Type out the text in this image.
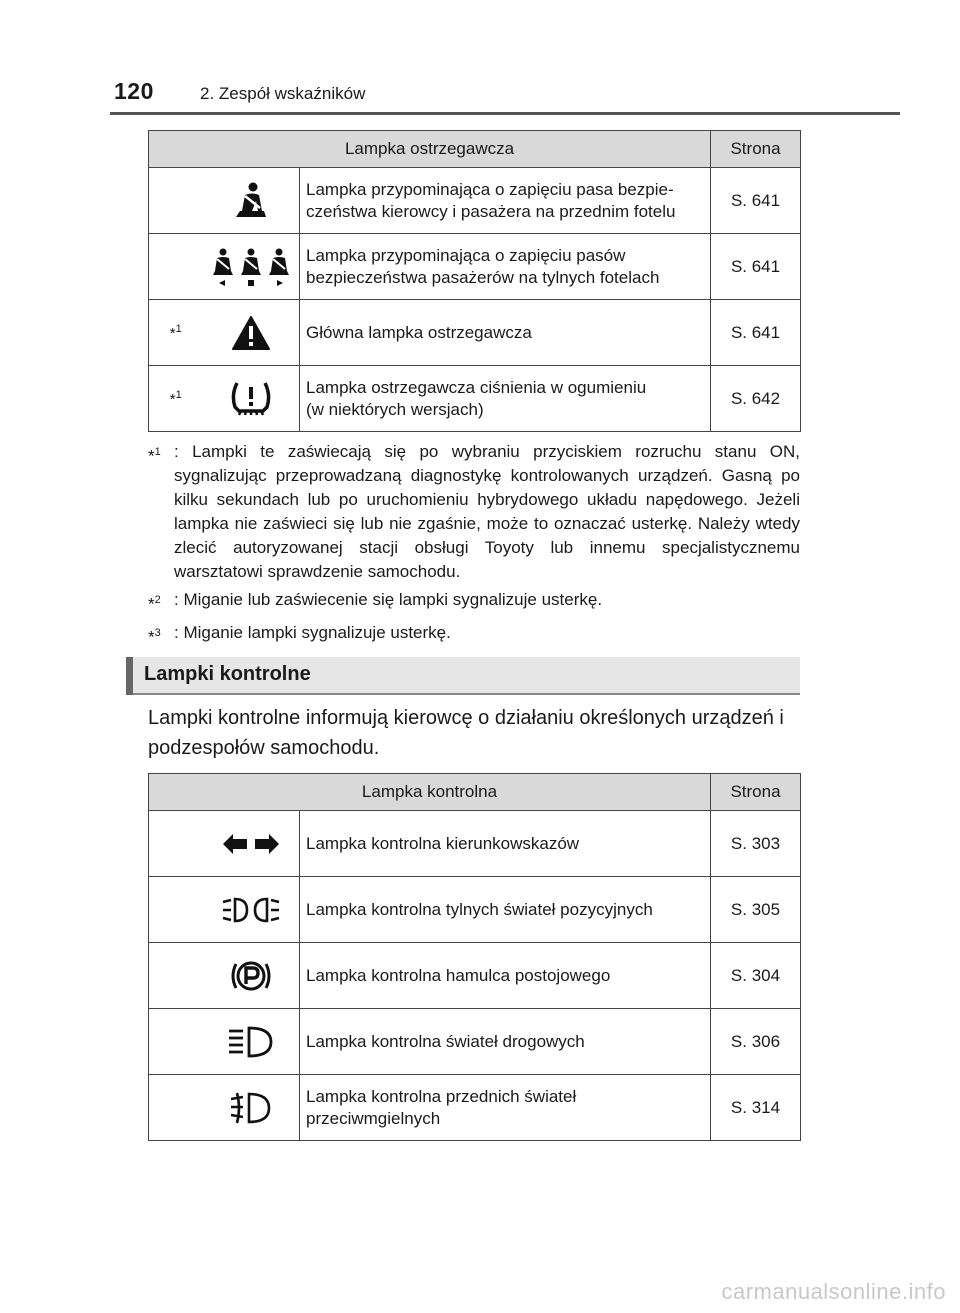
120	2. Zespół wskaźników
Lampka ostrzegawcza			Strona
		Lampka przypominająca o zapięciu pasa bezpie-
czeństwa kierowcy i pasażera na przednim fotelu	S. 641
		Lampka przypominająca o zapięciu pasów
bezpieczeństwa pasażerów na tylnych fotelach	S. 641
*$^1$		Główna lampka ostrzegawcza	S. 641
*$^1$		Lampka ostrzegawcza ciśnienia w ogumieniu
(w niektórych wersjach)	S. 642
*$^1$ : Lampki te zaświecają się po wybraniu przyciskiem rozruchu stanu ON, sygnalizując przeprowadzaną diagnostykę kontrolowanych urządzeń. Gasną po kilku sekundach lub po uruchomieniu hybrydowego układu napędowego. Jeżeli lampka nie zaświeci się lub nie zgaśnie, może to oznaczać usterkę. Należy wtedy zlecić autoryzowanej stacji obsługi Toyoty lub innemu specjalistycznemu warsztatowi sprawdzenie samochodu.
*$^2$ : Miganie lub zaświecenie się lampki sygnalizuje usterkę.
*$^3$ : Miganie lampki sygnalizuje usterkę.
Lampki kontrolne
Lampki kontrolne informują kierowcę o działaniu określonych urządzeń i podzespołów samochodu.
Lampka kontrolna			Strona
		Lampka kontrolna kierunkowskazów	S. 303
		Lampka kontrolna tylnych świateł pozycyjnych	S. 305
		Lampka kontrolna hamulca postojowego	S. 304
		Lampka kontrolna świateł drogowych	S. 306
		Lampka kontrolna przednich świateł
przeciwmgielnych	S. 314
carmanualsonline.info
